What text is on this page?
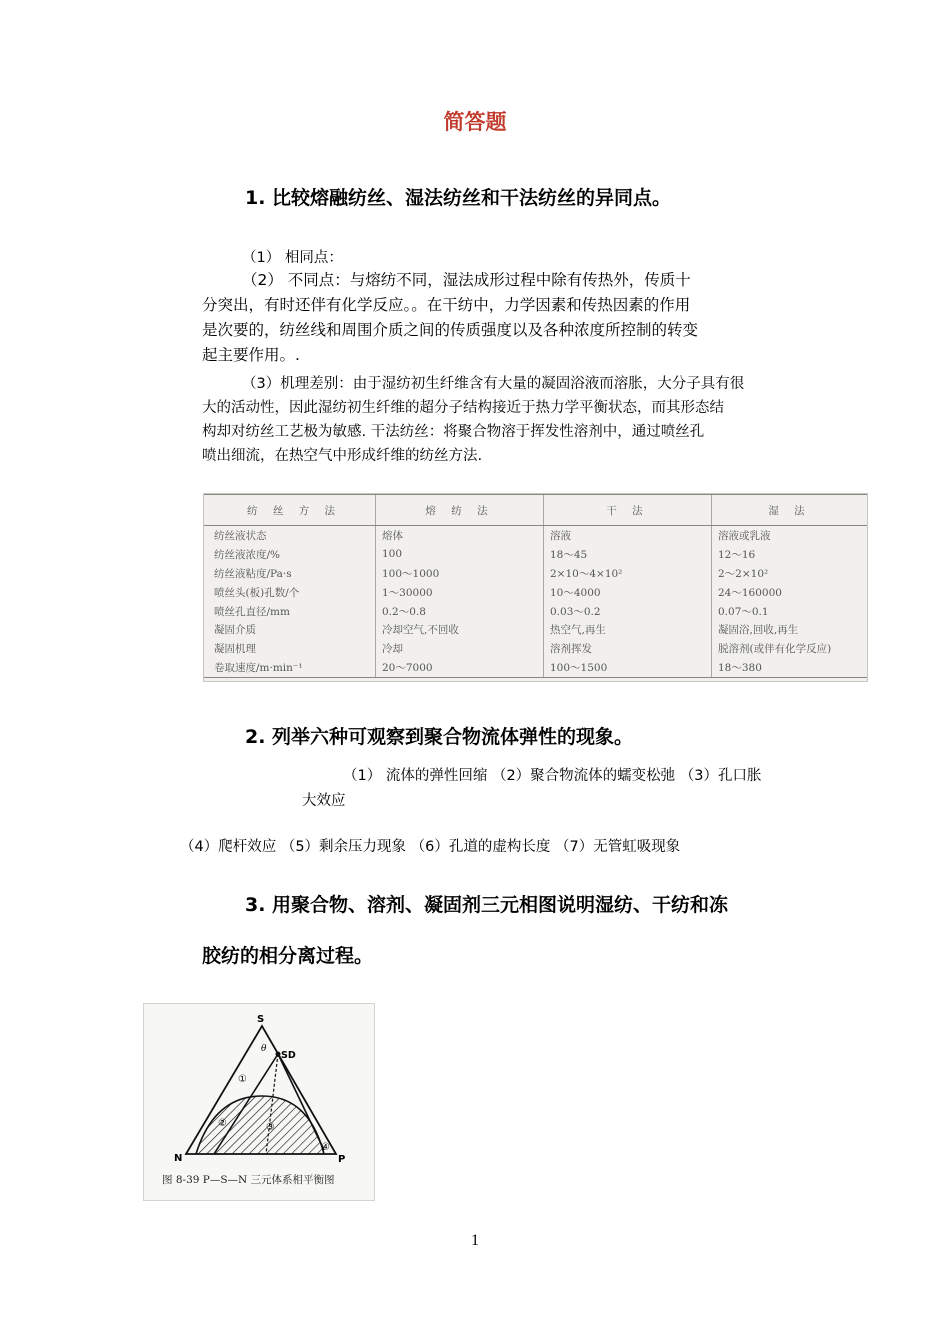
简答题
1. 比较熔融纺丝、湿法纺丝和干法纺丝的异同点。
（1） 相同点：
（2） 不同点：与熔纺不同，湿法成形过程中除有传热外，传质十
分突出，有时还伴有化学反应。。在干纺中，力学因素和传热因素的作用
是次要的，纺丝线和周围介质之间的传质强度以及各种浓度所控制的转变
起主要作用。.
（3）机理差别：由于湿纺初生纤维含有大量的凝固浴液而溶胀，大分子具有很
大的活动性，因此湿纺初生纤维的超分子结构接近于热力学平衡状态，而其形态结
构却对纺丝工艺极为敏感. 干法纺丝：将聚合物溶于挥发性溶剂中，通过喷丝孔
喷出细流，在热空气中形成纤维的纺丝方法.
纺 丝 方 法	熔 纺 法	干 法	湿 法
纺丝液状态	熔体	溶液	溶液或乳液
纺丝液浓度/%	100	18～45	12～16
纺丝液粘度/Pa·s	100～1000	2×10～4×10²	2～2×10²
喷丝头(板)孔数/个	1～30000	10～4000	24～160000
喷丝孔直径/mm	0.2～0.8	0.03～0.2	0.07～0.1
凝固介质	冷却空气,不回收	热空气,再生	凝固浴,回收,再生
凝固机理	冷却	溶剂挥发	脱溶剂(或伴有化学反应)
卷取速度/m·min⁻¹	20～7000	100～1500	18～380
2. 列举六种可观察到聚合物流体弹性的现象。
（1） 流体的弹性回缩 （2）聚合物流体的蠕变松弛 （3）孔口胀
大效应
（4）爬杆效应 （5）剩余压力现象 （6）孔道的虚构长度 （7）无管虹吸现象
3. 用聚合物、溶剂、凝固剂三元相图说明湿纺、干纺和冻
胶纺的相分离过程。
S
SD
θ
N	P
①
②	③
④
图 8-39 P—S—N 三元体系相平衡图
1
